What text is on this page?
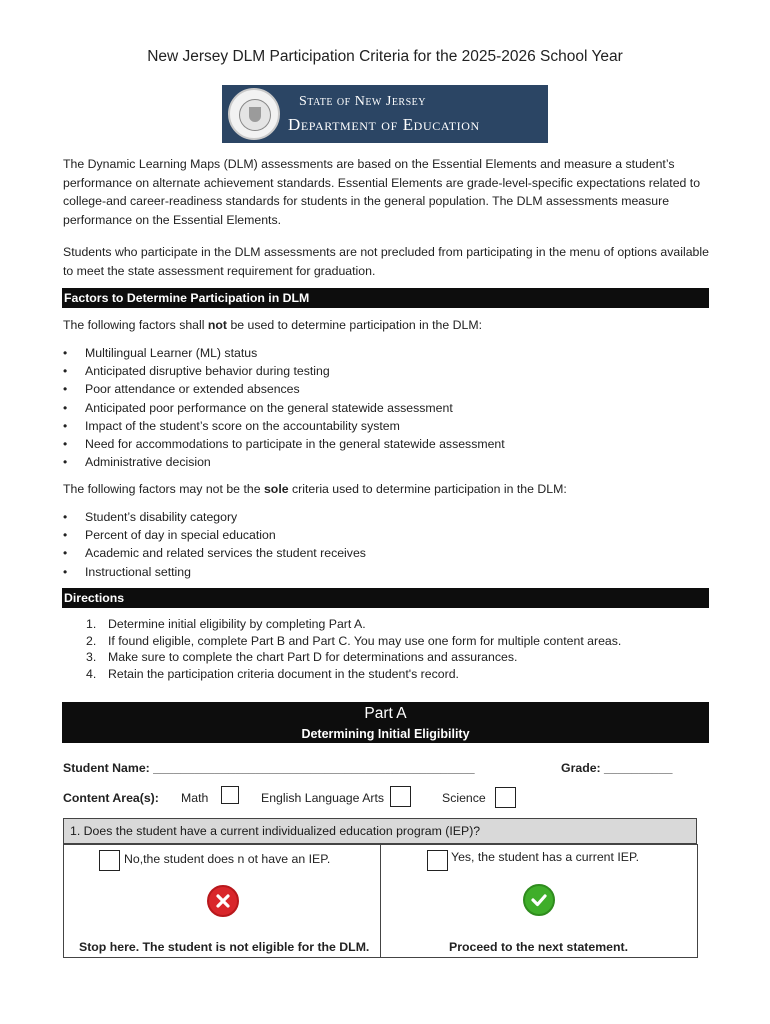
New Jersey DLM Participation Criteria for the 2025-2026 School Year
State of New Jersey
Department of Education
The Dynamic Learning Maps (DLM) assessments are based on the Essential Elements and measure a student’s performance on alternate achievement standards. Essential Elements are grade-level-specific expectations related to college-and career-readiness standards for students in the general population. The DLM assessments measure performance on the Essential Elements.
Students who participate in the DLM assessments are not precluded from participating in the menu of options available to meet the state assessment requirement for graduation.
Factors to Determine Participation in DLM
The following factors shall not be used to determine participation in the DLM:
• Multilingual Learner (ML) status
• Anticipated disruptive behavior during testing
• Poor attendance or extended absences
• Anticipated poor performance on the general statewide assessment
• Impact of the student’s score on the accountability system
• Need for accommodations to participate in the general statewide assessment
• Administrative decision
The following factors may not be the sole criteria used to determine participation in the DLM:
• Student’s disability category
• Percent of day in special education
• Academic and related services the student receives
• Instructional setting
Directions
1. Determine initial eligibility by completing Part A.
2. If found eligible, complete Part B and Part C. You may use one form for multiple content areas.
3. Make sure to complete the chart Part D for determinations and assurances.
4. Retain the participation criteria document in the student's record.
Part A
Determining Initial Eligibility
Student Name: _______________________________________________	Grade: __________
Content Area(s): Math	English Language Arts	Science
1. Does the student have a current individualized education program (IEP)?
No,the student does n ot have an IEP.	Yes, the student has a current IEP.
Stop here. The student is not eligible for the DLM.	Proceed to the next statement.
